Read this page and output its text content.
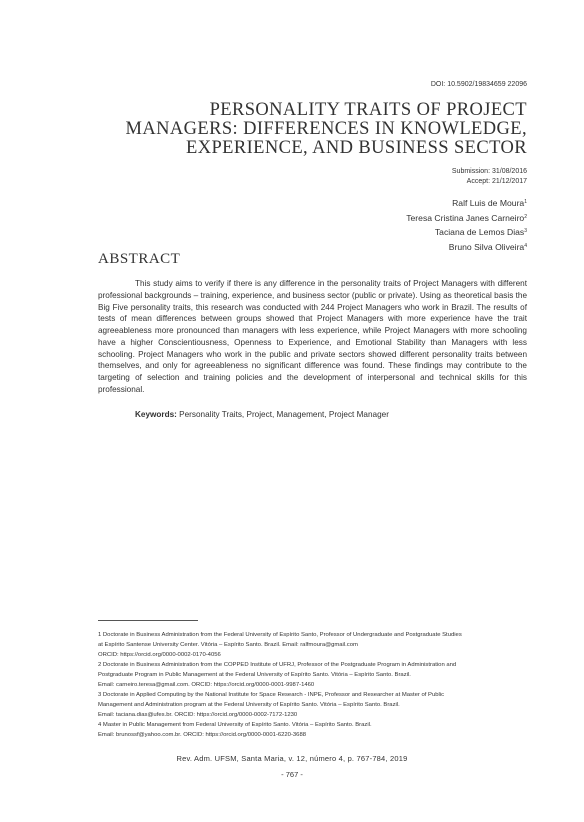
DOI: 10.5902/19834659 22096
PERSONALITY TRAITS OF PROJECT
MANAGERS: DIFFERENCES IN KNOWLEDGE,
EXPERIENCE, AND BUSINESS SECTOR
Submission: 31/08/2016
Accept: 21/12/2017
Ralf Luis de Moura$^1$
Teresa Cristina Janes Carneiro$^2$
Taciana de Lemos Dias$^3$
Bruno Silva Oliveira$^4$
ABSTRACT

This study aims to verify if there is any difference in the personality traits of Project Managers with different professional backgrounds – training, experience, and business sector (public or private). Using as theoretical basis the Big Five personality traits, this research was conducted with 244 Project Managers who work in Brazil. The results of tests of mean differences between groups showed that Project Managers with more experience have the trait agreeableness more pronounced than managers with less experience, while Project Managers with more schooling have a higher Conscientiousness, Openness to Experience, and Emotional Stability than Managers with less schooling. Project Managers who work in the public and private sectors showed different personality traits between themselves, and only for agreeableness no significant difference was found. These findings may contribute to the targeting of selection and training policies and the development of interpersonal and technical skills for this professional.

Keywords: Personality Traits, Project, Management, Project Manager
1 Doctorate in Business Administration from the Federal University of Espírito Santo, Professor of Undergraduate and Postgraduate Studies
at Espírito Santense University Center. Vitória – Espírito Santo. Brazil. Email: ralfmoura@gmail.com
ORCID: https://orcid.org/0000-0002-0170-4056
2 Doctorate in Business Administration from the COPPED Institute of UFRJ, Professor of the Postgraduate Program in Administration and
Postgraduate Program in Public Management at the Federal University of Espírito Santo. Vitória – Espírito Santo. Brazil.
Email: carneiro.teresa@gmail.com. ORCID: https://orcid.org/0000-0001-9987-1460
3 Doctorate in Applied Computing by the National Institute for Space Research - INPE, Professor and Researcher at Master of Public
Management and Administration program at the Federal University of Espírito Santo. Vitória – Espírito Santo. Brazil.
Email: taciana.dias@ufes.br. ORCID: https://orcid.org/0000-0002-7172-1230
4 Master in Public Management from Federal University of Espírito Santo. Vitória – Espírito Santo. Brazil.
Email: brunossf@yahoo.com.br. ORCID: https://orcid.org/0000-0001-6220-3688
Rev. Adm. UFSM, Santa Maria, v. 12, número 4, p. 767-784, 2019
- 767 -
